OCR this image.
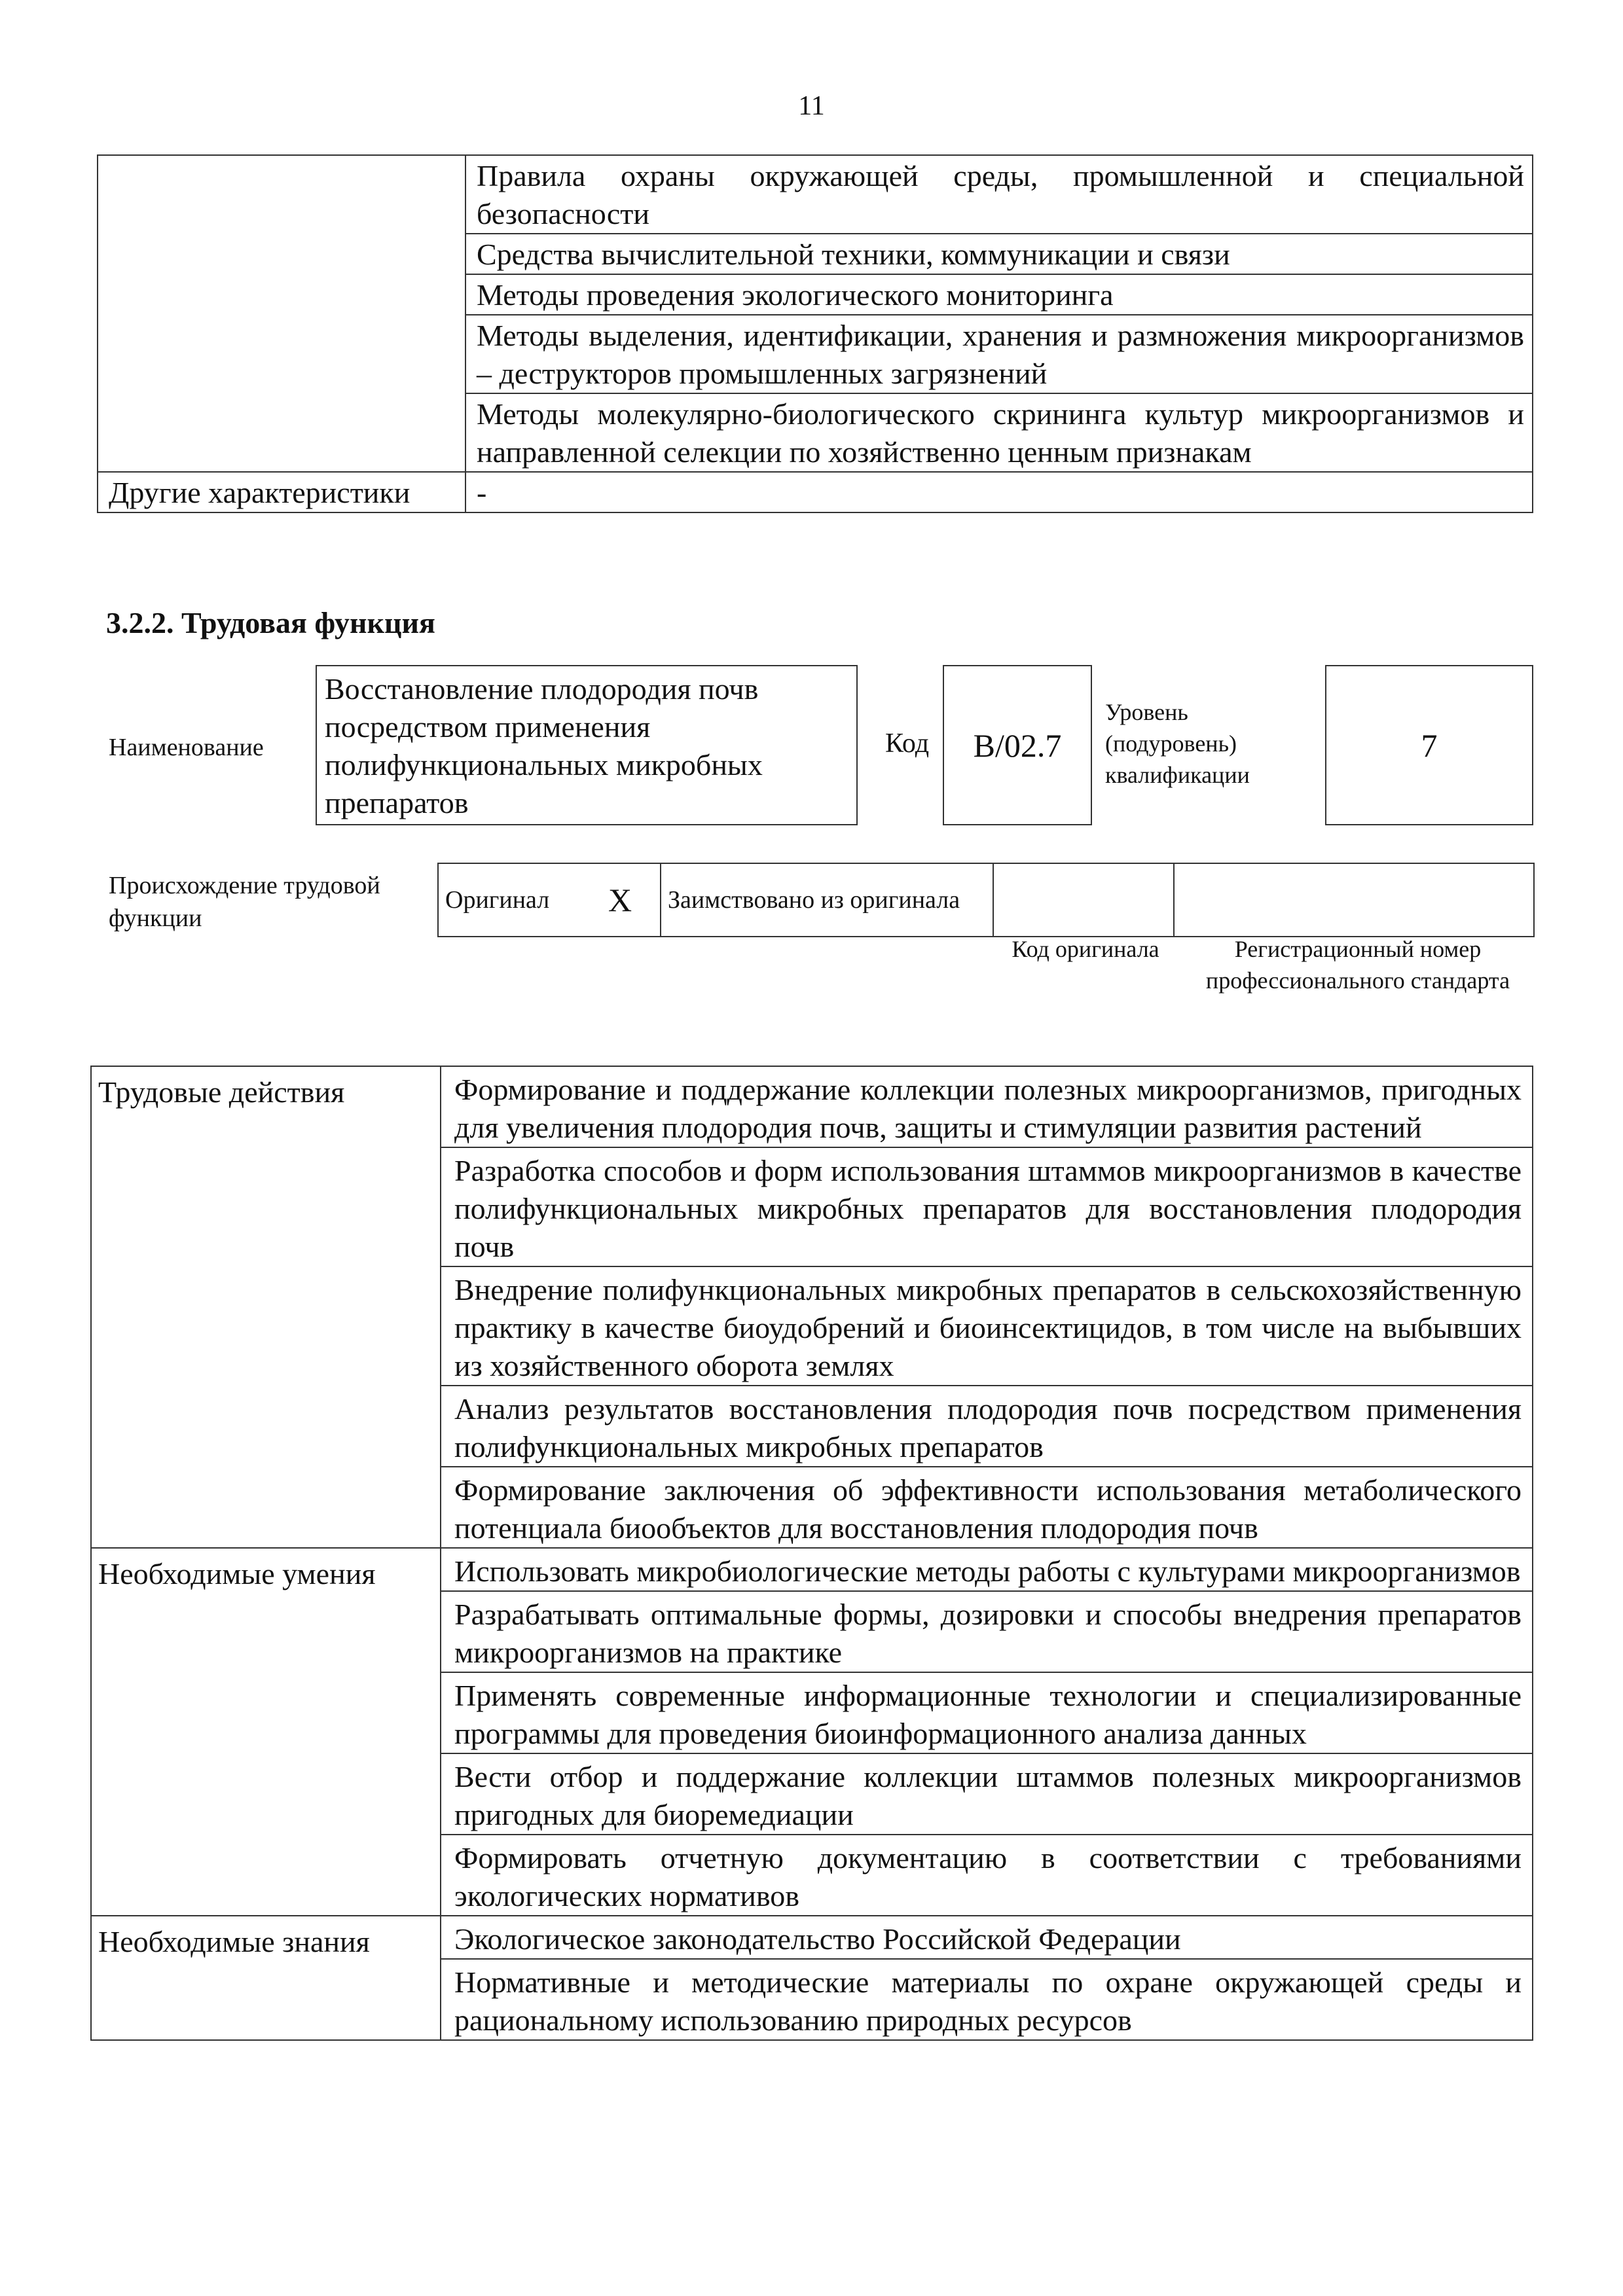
11
	Правила охраны окружающей среды, промышленной и специальной безопасности
	Средства вычислительной техники, коммуникации и связи
	Методы проведения экологического мониторинга
	Методы выделения, идентификации, хранения и размножения микроорганизмов – деструкторов промышленных загрязнений
	Методы молекулярно-биологического скрининга культур микроорганизмов и направленной селекции по хозяйственно ценным признакам
Другие характеристики	-
3.2.2. Трудовая функция
Наименование
Восстановление плодородия почв посредством применения полифункциональных микробных препаратов
Код	B/02.7
Уровень (подуровень) квалификации
7
Происхождение трудовой функции
Оригинал	X	Заимствовано из оригинала		
Код оригинала	Регистрационный номер профессионального стандарта
Трудовые действия	Формирование и поддержание коллекции полезных микроорганизмов, пригодных для увеличения плодородия почв, защиты и стимуляции развития растений
	Разработка способов и форм использования штаммов микроорганизмов в качестве полифункциональных микробных препаратов для восстановления плодородия почв
	Внедрение полифункциональных микробных препаратов в сельскохозяйственную практику в качестве биоудобрений и биоинсектицидов, в том числе на выбывших из хозяйственного оборота землях
	Анализ результатов восстановления плодородия почв посредством применения полифункциональных микробных препаратов
	Формирование заключения об эффективности использования метаболического потенциала биообъектов для восстановления плодородия почв
Необходимые умения	Использовать микробиологические методы работы с культурами микроорганизмов
	Разрабатывать оптимальные формы, дозировки и способы внедрения препаратов микроорганизмов на практике
	Применять современные информационные технологии и специализированные программы для проведения биоинформационного анализа данных
	Вести отбор и поддержание коллекции штаммов полезных микроорганизмов пригодных для биоремедиации
	Формировать отчетную документацию в соответствии с требованиями экологических нормативов
Необходимые знания	Экологическое законодательство Российской Федерации
	Нормативные и методические материалы по охране окружающей среды и рациональному использованию природных ресурсов
